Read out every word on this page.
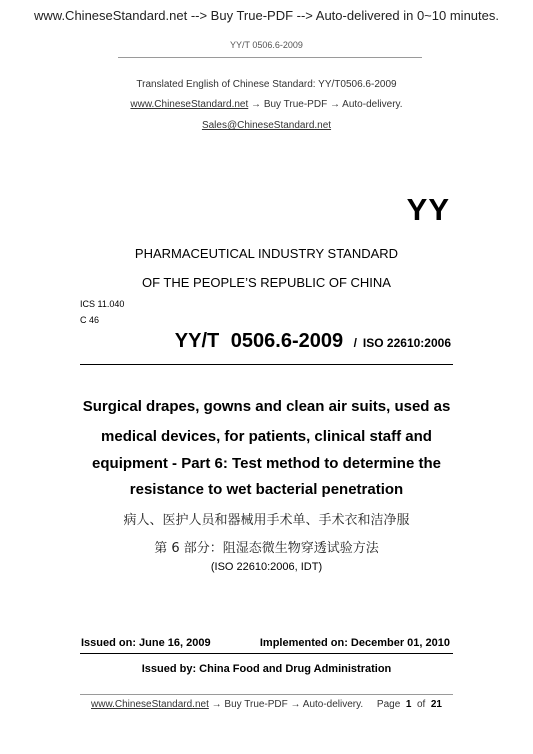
www.ChineseStandard.net --> Buy True-PDF --> Auto-delivered in 0~10 minutes.
YY/T 0506.6-2009
Translated English of Chinese Standard: YY/T0506.6-2009
www.ChineseStandard.net → Buy True-PDF → Auto-delivery.
Sales@ChineseStandard.net
YY
PHARMACEUTICAL INDUSTRY STANDARD
OF THE PEOPLE’S REPUBLIC OF CHINA
ICS 11.040
C 46
YY/T 0506.6-2009 / ISO 22610:2006
Surgical drapes, gowns and clean air suits, used as
medical devices, for patients, clinical staff and
equipment - Part 6: Test method to determine the
resistance to wet bacterial penetration
病人、医护人员和器械用手术单、手术衣和洁净服
第 6 部分：阻湿态微生物穿透试验方法
(ISO 22610:2006, IDT)
Issued on: June 16, 2009	Implemented on: December 01, 2010
Issued by: China Food and Drug Administration
www.ChineseStandard.net → Buy True-PDF → Auto-delivery. Page 1 of 21
